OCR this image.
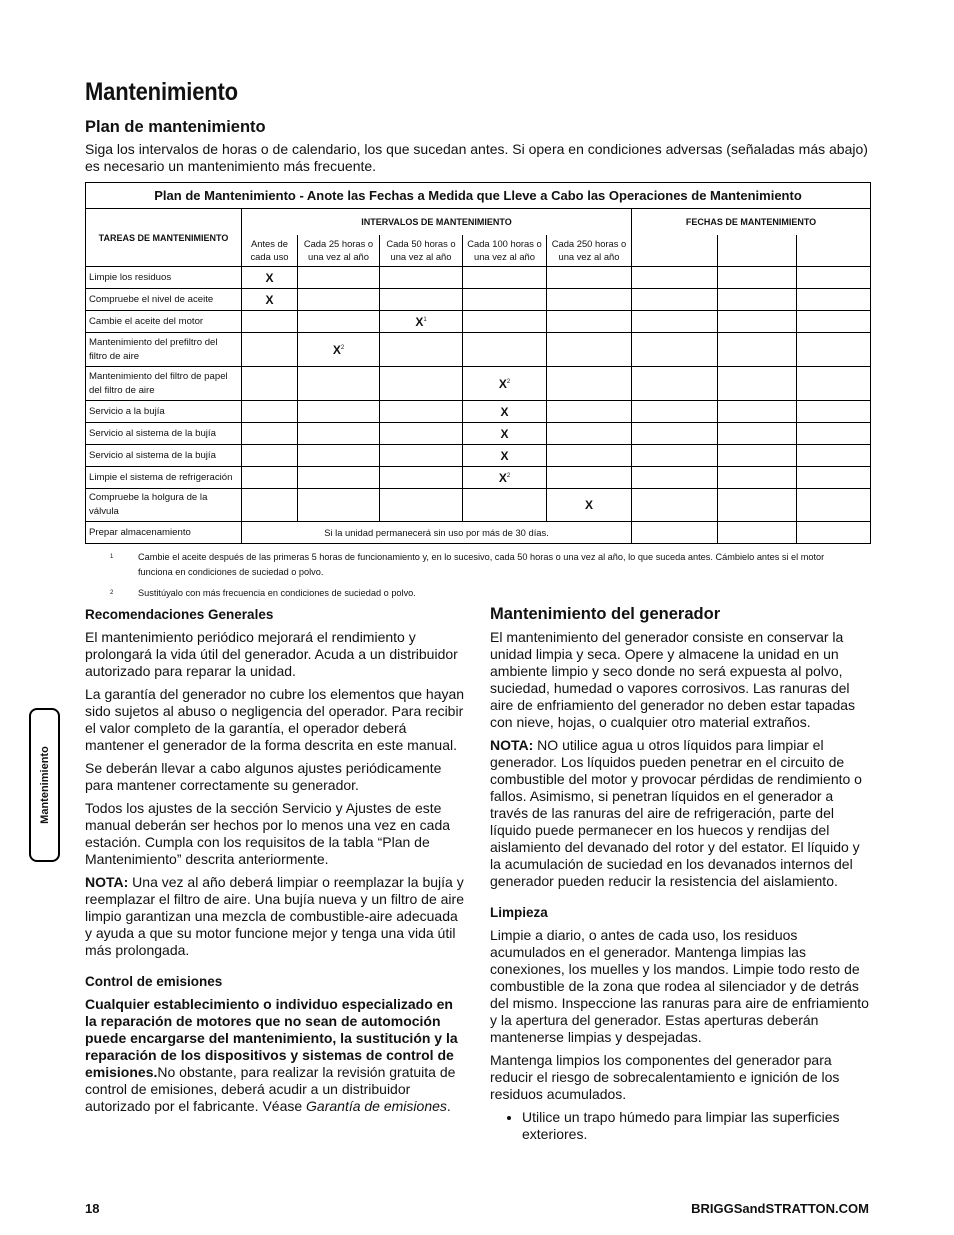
Mantenimiento
Plan de mantenimiento

Siga los intervalos de horas o de calendario, los que sucedan antes. Si opera en condiciones adversas (señaladas más abajo) es necesario un mantenimiento más frecuente.

Plan de Mantenimiento - Anote las Fechas a Medida que Lleve a Cabo las Operaciones de Mantenimiento								
TAREAS DE MANTENIMIENTO	INTERVALOS DE MANTENIMIENTO					FECHAS DE MANTENIMIENTO		
	Antes de cada uso	Cada 25 horas o una vez al año	Cada 50 horas o una vez al año	Cada 100 horas o una vez al año	Cada 250 horas o una vez al año			
Limpie los residuos	X							
Compruebe el nivel de aceite	X							
Cambie el aceite del motor			$X^1$					
Mantenimiento del prefiltro del filtro de aire		$X^2$						
Mantenimiento del filtro de papel del filtro de aire				$X^2$				
Servicio a la bujía				X				
Servicio al sistema de la bujía				X				
Servicio al sistema de la bujía				X				
Limpie el sistema de refrigeración				$X^2$				
Compruebe la holgura de la válvula					X			
Prepar almacenamiento	Si la unidad permanecerá sin uso por más de 30 días.							
1	Cambie el aceite después de las primeras 5 horas de funcionamiento y, en lo sucesivo, cada 50 horas o una vez al año, lo que suceda antes. Cámbielo antes si el motor funciona en condiciones de suciedad o polvo.
2	Sustitúyalo con más frecuencia en condiciones de suciedad o polvo.
Recomendaciones Generales

El mantenimiento periódico mejorará el rendimiento y prolongará la vida útil del generador. Acuda a un distribuidor autorizado para reparar la unidad.

La garantía del generador no cubre los elementos que hayan sido sujetos al abuso o negligencia del operador. Para recibir el valor completo de la garantía, el operador deberá mantener el generador de la forma descrita en este manual.

Se deberán llevar a cabo algunos ajustes periódicamente para mantener correctamente su generador.

Todos los ajustes de la sección Servicio y Ajustes de este manual deberán ser hechos por lo menos una vez en cada estación. Cumpla con los requisitos de la tabla “Plan de Mantenimiento” descrita anteriormente.

NOTA: Una vez al año deberá limpiar o reemplazar la bujía y reemplazar el filtro de aire. Una bujía nueva y un filtro de aire limpio garantizan una mezcla de combustible-aire adecuada y ayuda a que su motor funcione mejor y tenga una vida útil más prolongada.

Control de emisiones

Cualquier establecimiento o individuo especializado en la reparación de motores que no sean de automoción puede encargarse del mantenimiento, la sustitución y la reparación de los dispositivos y sistemas de control de emisiones.No obstante, para realizar la revisión gratuita de control de emisiones, deberá acudir a un distribuidor autorizado por el fabricante. Véase Garantía de emisiones.

Mantenimiento del generador

El mantenimiento del generador consiste en conservar la unidad limpia y seca. Opere y almacene la unidad en un ambiente limpio y seco donde no será expuesta al polvo, suciedad, humedad o vapores corrosivos. Las ranuras del aire de enfriamiento del generador no deben estar tapadas con nieve, hojas, o cualquier otro material extraños.

NOTA: NO utilice agua u otros líquidos para limpiar el generador. Los líquidos pueden penetrar en el circuito de combustible del motor y provocar pérdidas de rendimiento o fallos. Asimismo, si penetran líquidos en el generador a través de las ranuras del aire de refrigeración, parte del líquido puede permanecer en los huecos y rendijas del aislamiento del devanado del rotor y del estator. El líquido y la acumulación de suciedad en los devanados internos del generador pueden reducir la resistencia del aislamiento.

Limpieza

Limpie a diario, o antes de cada uso, los residuos acumulados en el generador. Mantenga limpias las conexiones, los muelles y los mandos. Limpie todo resto de combustible de la zona que rodea al silenciador y de detrás del mismo. Inspeccione las ranuras para aire de enfriamiento y la apertura del generador. Estas aperturas deberán mantenerse limpias y despejadas.

Mantenga limpios los componentes del generador para reducir el riesgo de sobrecalentamiento e ignición de los residuos acumulados.

• Utilice un trapo húmedo para limpiar las superficies exteriores.
Mantenimiento
18	BRIGGSandSTRATTON.COM
